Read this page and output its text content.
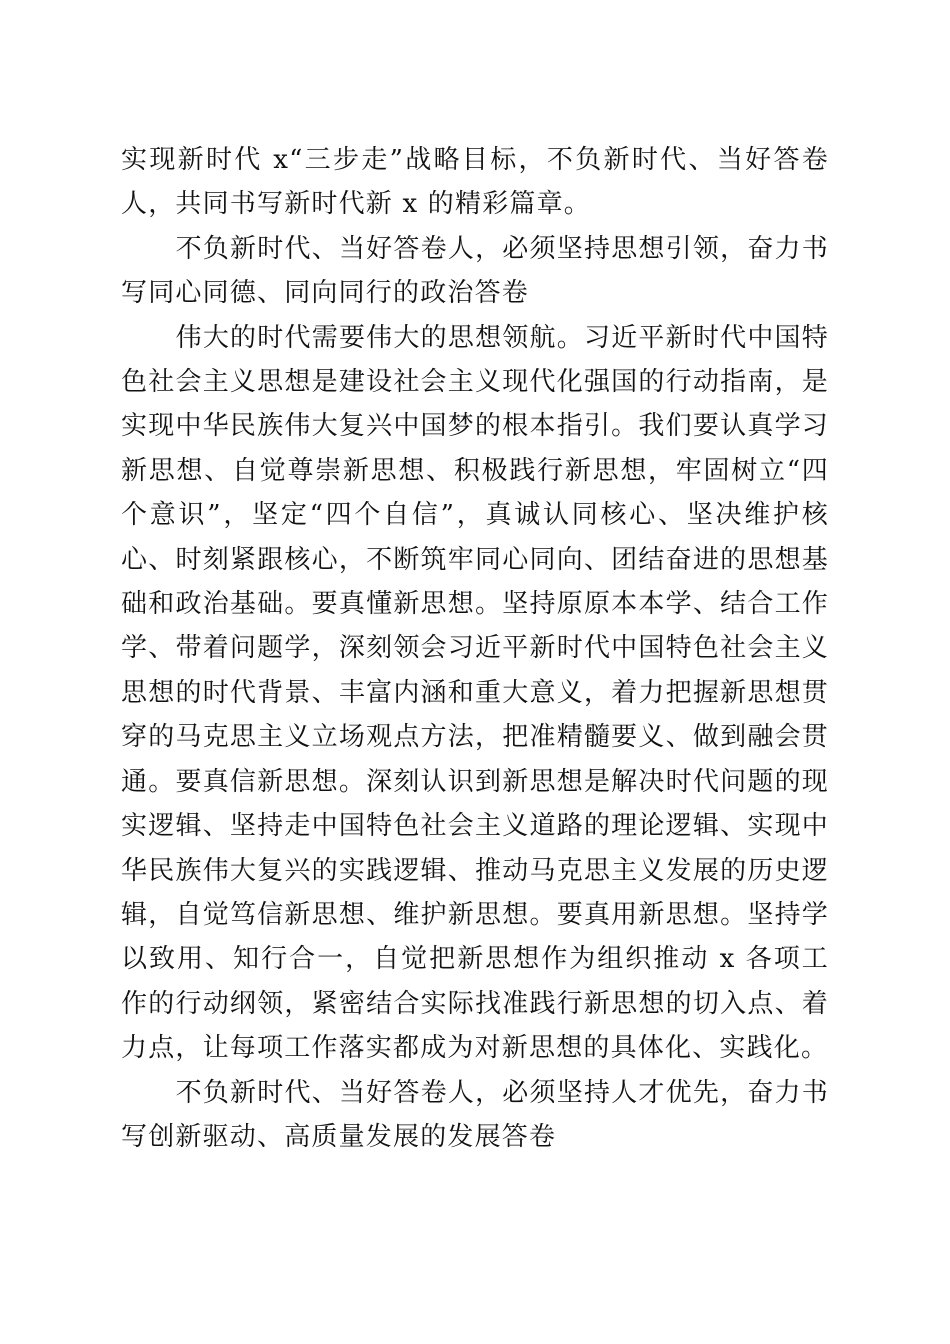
实现新时代 x“三步走”战略目标，不负新时代、当好答卷人，共同书写新时代新 x 的精彩篇章。

不负新时代、当好答卷人，必须坚持思想引领，奋力书写同心同德、同向同行的政治答卷

伟大的时代需要伟大的思想领航。习近平新时代中国特色社会主义思想是建设社会主义现代化强国的行动指南，是实现中华民族伟大复兴中国梦的根本指引。我们要认真学习新思想、自觉尊崇新思想、积极践行新思想，牢固树立“四个意识”，坚定“四个自信”，真诚认同核心、坚决维护核心、时刻紧跟核心，不断筑牢同心同向、团结奋进的思想基础和政治基础。要真懂新思想。坚持原原本本学、结合工作学、带着问题学，深刻领会习近平新时代中国特色社会主义思想的时代背景、丰富内涵和重大意义，着力把握新思想贯穿的马克思主义立场观点方法，把准精髓要义、做到融会贯通。要真信新思想。深刻认识到新思想是解决时代问题的现实逻辑、坚持走中国特色社会主义道路的理论逻辑、实现中华民族伟大复兴的实践逻辑、推动马克思主义发展的历史逻辑，自觉笃信新思想、维护新思想。要真用新思想。坚持学以致用、知行合一，自觉把新思想作为组织推动 x 各项工作的行动纲领，紧密结合实际找准践行新思想的切入点、着力点，让每项工作落实都成为对新思想的具体化、实践化。

不负新时代、当好答卷人，必须坚持人才优先，奋力书写创新驱动、高质量发展的发展答卷
